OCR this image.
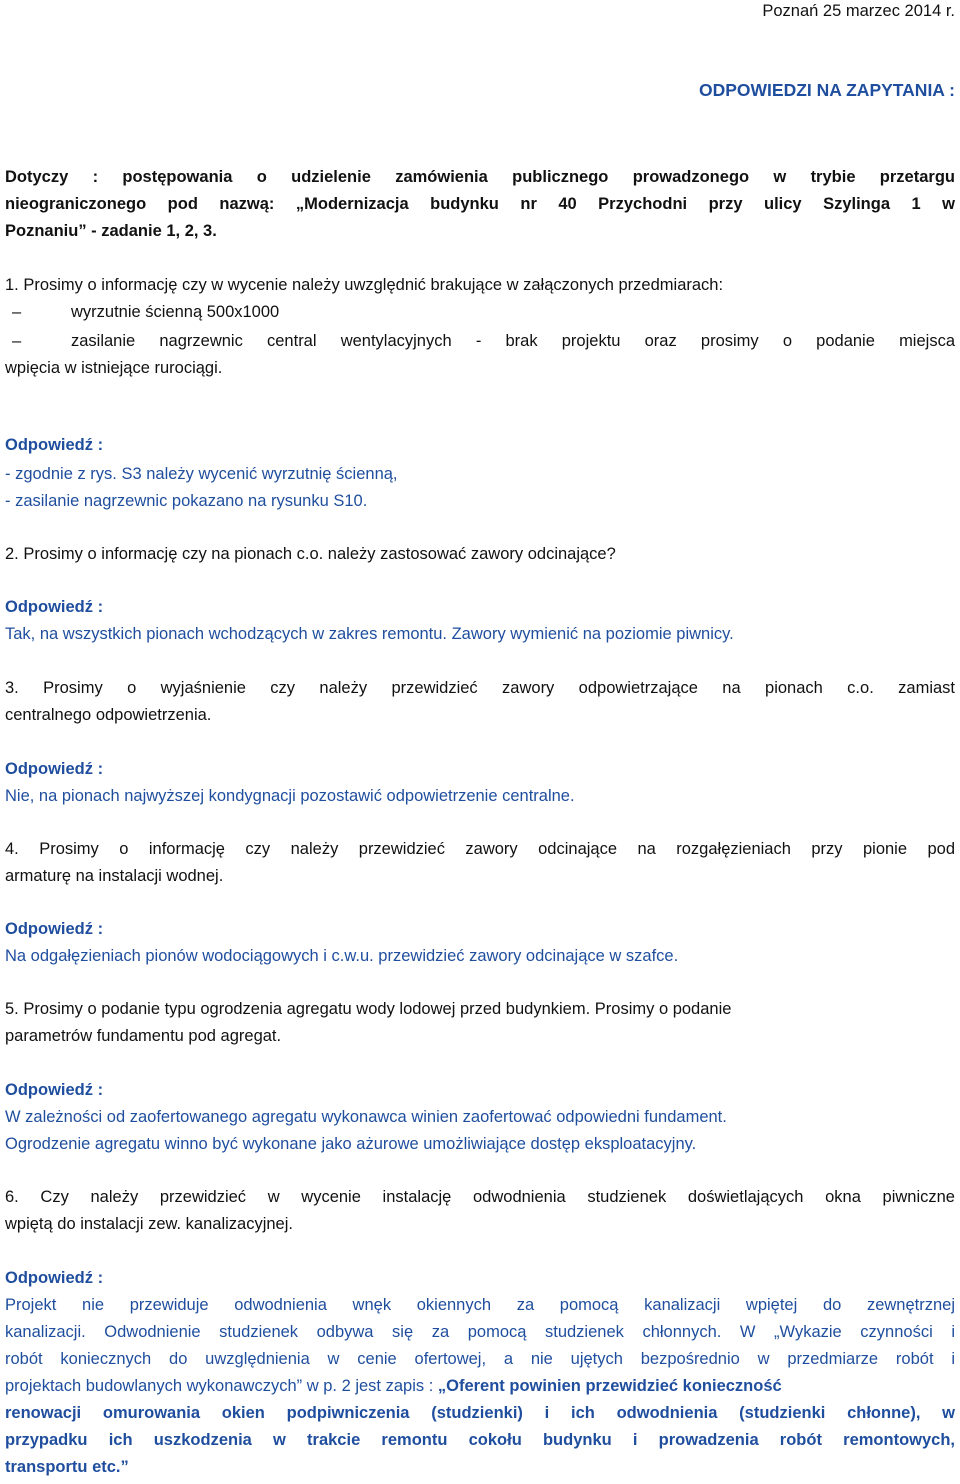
Poznań 25 marzec 2014 r.
ODPOWIEDZI NA ZAPYTANIA :
Dotyczy : postępowania o udzielenie zamówienia publicznego prowadzonego w trybie przetargu
nieograniczonego pod nazwą: „Modernizacja budynku nr 40 Przychodni przy ulicy Szylinga 1 w
Poznaniu” - zadanie 1, 2, 3.
1. Prosimy o informację czy w wycenie należy uwzględnić brakujące w załączonych przedmiarach:
–	wyrzutnie ścienną 500x1000
–	zasilanie nagrzewnic central wentylacyjnych - brak projektu oraz prosimy o podanie miejsca
wpięcia w istniejące rurociągi.
Odpowiedź :
- zgodnie z rys. S3 należy wycenić wyrzutnię ścienną,
- zasilanie nagrzewnic pokazano na rysunku S10.
2. Prosimy o informację czy na pionach c.o. należy zastosować zawory odcinające?
Odpowiedź :
Tak, na wszystkich pionach wchodzących w zakres remontu. Zawory wymienić na poziomie piwnicy.
3. Prosimy o wyjaśnienie czy należy przewidzieć zawory odpowietrzające na pionach c.o. zamiast
centralnego odpowietrzenia.
Odpowiedź :
Nie, na pionach najwyższej kondygnacji pozostawić odpowietrzenie centralne.
4. Prosimy o informację czy należy przewidzieć zawory odcinające na rozgałęzieniach przy pionie pod
armaturę na instalacji wodnej.
Odpowiedź :
Na odgałęzieniach pionów wodociągowych i c.w.u. przewidzieć zawory odcinające w szafce.
5. Prosimy o podanie typu ogrodzenia agregatu wody lodowej przed budynkiem. Prosimy o podanie
parametrów fundamentu pod agregat.
Odpowiedź :
W zależności od zaofertowanego agregatu wykonawca winien zaofertować odpowiedni fundament.
Ogrodzenie agregatu winno być wykonane jako ażurowe umożliwiające dostęp eksploatacyjny.
6. Czy należy przewidzieć w wycenie instalację odwodnienia studzienek doświetlających okna piwniczne
wpiętą do instalacji zew. kanalizacyjnej.
Odpowiedź :
Projekt nie przewiduje odwodnienia wnęk okiennych za pomocą kanalizacji wpiętej do zewnętrznej
kanalizacji. Odwodnienie studzienek odbywa się za pomocą studzienek chłonnych. W „Wykazie czynności i
robót koniecznych do uwzględnienia w cenie ofertowej, a nie ujętych bezpośrednio w przedmiarze robót i
projektach budowlanych wykonawczych” w p. 2 jest zapis : „Oferent powinien przewidzieć konieczność
renowacji omurowania okien podpiwniczenia (studzienki) i ich odwodnienia (studzienki chłonne), w
przypadku ich uszkodzenia w trakcie remontu cokołu budynku i prowadzenia robót remontowych,
transportu etc.”
